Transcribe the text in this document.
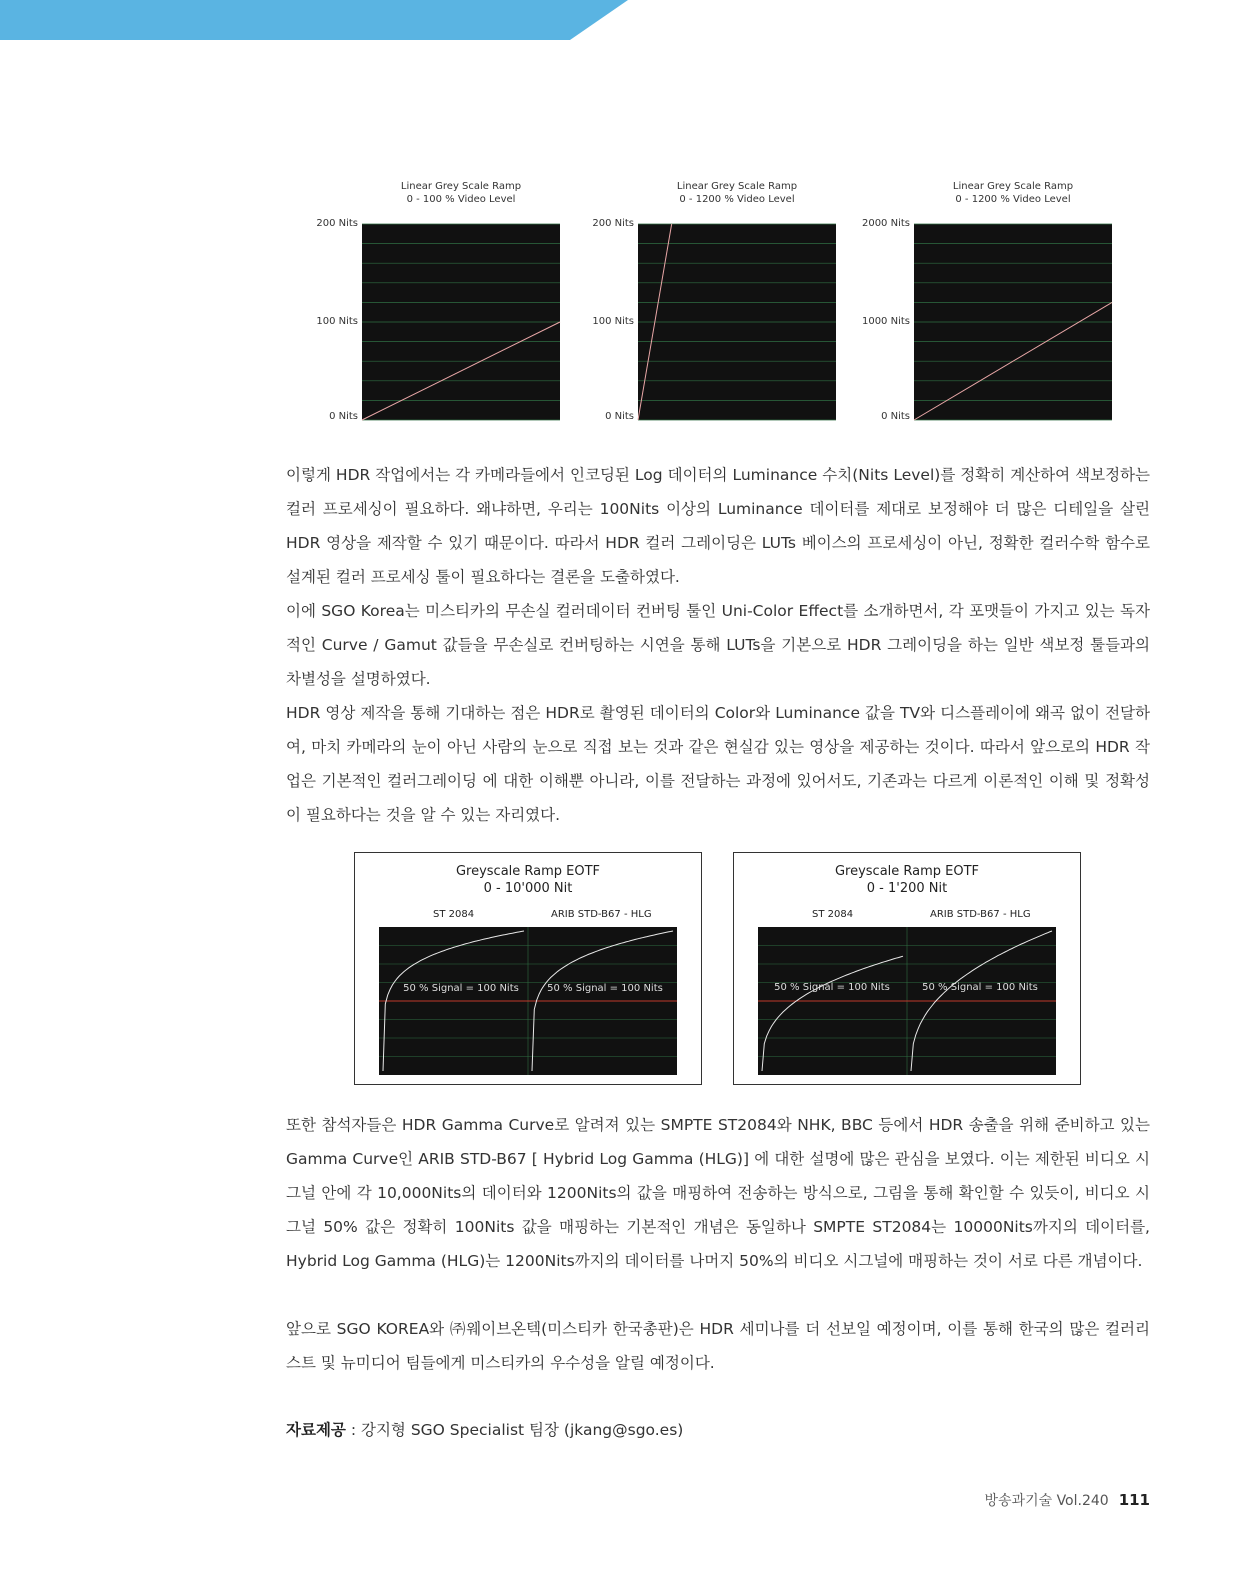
Linear Grey Scale Ramp
0 - 100 % Video Level
200 Nits
100 Nits
0 Nits
Linear Grey Scale Ramp
0 - 1200 % Video Level
200 Nits
100 Nits
0 Nits
Linear Grey Scale Ramp
0 - 1200 % Video Level
2000 Nits
1000 Nits
0 Nits

이렇게 HDR 작업에서는 각 카메라들에서 인코딩된 Log 데이터의 Luminance 수치(Nits Level)를 정확히 계산하여 색보정하는 컬러 프로세싱이 필요하다. 왜냐하면, 우리는 100Nits 이상의 Luminance 데이터를 제대로 보정해야 더 많은 디테일을 살린 HDR 영상을 제작할 수 있기 때문이다. 따라서 HDR 컬러 그레이딩은 LUTs 베이스의 프로세싱이 아닌, 정확한 컬러수학 함수로 설계된 컬러 프로세싱 툴이 필요하다는 결론을 도출하였다.

이에 SGO Korea는 미스티카의 무손실 컬러데이터 컨버팅 툴인 Uni-Color Effect를 소개하면서, 각 포맷들이 가지고 있는 독자적인 Curve / Gamut 값들을 무손실로 컨버팅하는 시연을 통해 LUTs을 기본으로 HDR 그레이딩을 하는 일반 색보정 툴들과의 차별성을 설명하였다.

HDR 영상 제작을 통해 기대하는 점은 HDR로 촬영된 데이터의 Color와 Luminance 값을 TV와 디스플레이에 왜곡 없이 전달하여, 마치 카메라의 눈이 아닌 사람의 눈으로 직접 보는 것과 같은 현실감 있는 영상을 제공하는 것이다. 따라서 앞으로의 HDR 작업은 기본적인 컬러그레이딩 에 대한 이해뿐 아니라, 이를 전달하는 과정에 있어서도, 기존과는 다르게 이론적인 이해 및 정확성이 필요하다는 것을 알 수 있는 자리였다.

Greyscale Ramp EOTF
0 - 10'000 Nit
ST 2084	ARIB STD-B67 - HLG
50 % Signal = 100 Nits	50 % Signal = 100 Nits
Greyscale Ramp EOTF
0 - 1'200 Nit
ST 2084	ARIB STD-B67 - HLG
50 % Signal = 100 Nits	50 % Signal = 100 Nits

또한 참석자들은 HDR Gamma Curve로 알려져 있는 SMPTE ST2084와 NHK, BBC 등에서 HDR 송출을 위해 준비하고 있는 Gamma Curve인 ARIB STD-B67 [ Hybrid Log Gamma (HLG)] 에 대한 설명에 많은 관심을 보였다. 이는 제한된 비디오 시그널 안에 각 10,000Nits의 데이터와 1200Nits의 값을 매핑하여 전송하는 방식으로, 그림을 통해 확인할 수 있듯이, 비디오 시그널 50% 값은 정확히 100Nits 값을 매핑하는 기본적인 개념은 동일하나 SMPTE ST2084는 10000Nits까지의 데이터를, Hybrid Log Gamma (HLG)는 1200Nits까지의 데이터를 나머지 50%의 비디오 시그널에 매핑하는 것이 서로 다른 개념이다.

앞으로 SGO KOREA와 ㈜웨이브온텍(미스티카 한국총판)은 HDR 세미나를 더 선보일 예정이며, 이를 통해 한국의 많은 컬러리스트 및 뉴미디어 팀들에게 미스티카의 우수성을 알릴 예정이다.

자료제공 : 강지형 SGO Specialist 팀장 (jkang@sgo.es)
방송과기술 Vol.240 111
